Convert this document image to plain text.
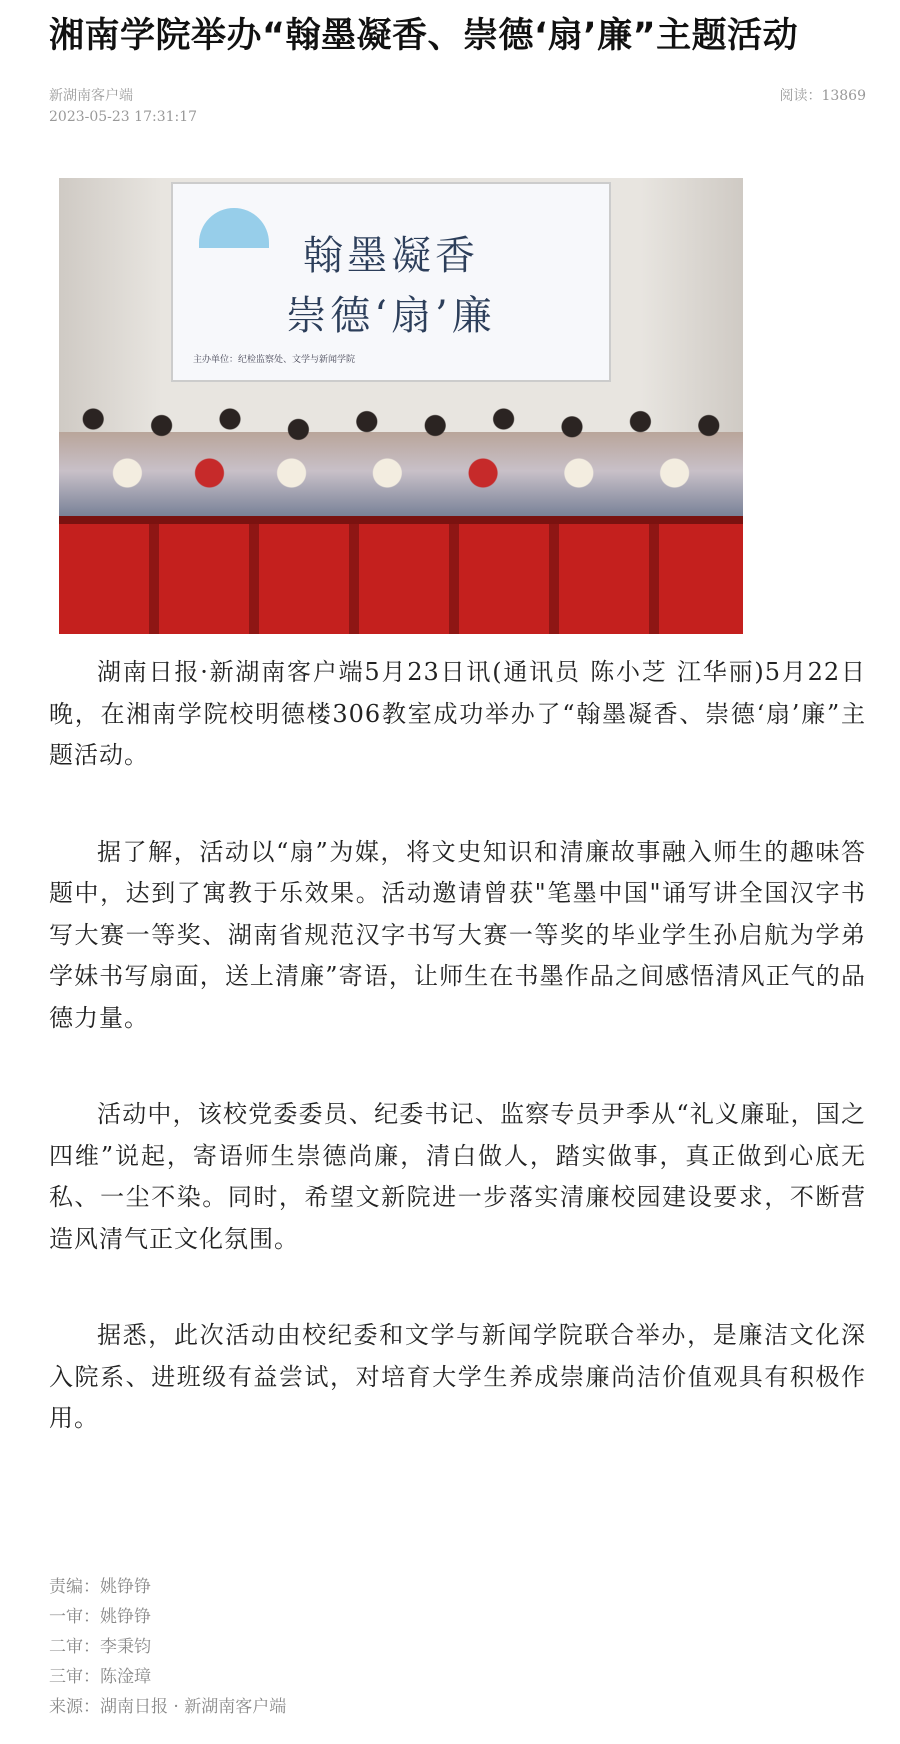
湘南学院举办“翰墨凝香、崇德‘扇’廉”主题活动
新湖南客户端
2023-05-23 17:31:17
阅读：13869
翰墨凝香
崇德‘扇’廉
主办单位：纪检监察处、文学与新闻学院

湖南日报·新湖南客户端5月23日讯(通讯员 陈小芝 江华丽)5月22日晚，在湘南学院校明德楼306教室成功举办了“翰墨凝香、崇德‘扇’廉”主题活动。

据了解，活动以“扇”为媒，将文史知识和清廉故事融入师生的趣味答题中，达到了寓教于乐效果。活动邀请曾获"笔墨中国"诵写讲全国汉字书写大赛一等奖、湖南省规范汉字书写大赛一等奖的毕业学生孙启航为学弟学妹书写扇面，送上清廉”寄语，让师生在书墨作品之间感悟清风正气的品德力量。

活动中，该校党委委员、纪委书记、监察专员尹季从“礼义廉耻，国之四维”说起，寄语师生崇德尚廉，清白做人，踏实做事，真正做到心底无私、一尘不染。同时，希望文新院进一步落实清廉校园建设要求，不断营造风清气正文化氛围。

据悉，此次活动由校纪委和文学与新闻学院联合举办，是廉洁文化深入院系、进班级有益尝试，对培育大学生养成崇廉尚洁价值观具有积极作用。

责编：姚铮铮
一审：姚铮铮
二审：李秉钧
三审：陈淦璋
来源：湖南日报 · 新湖南客户端
